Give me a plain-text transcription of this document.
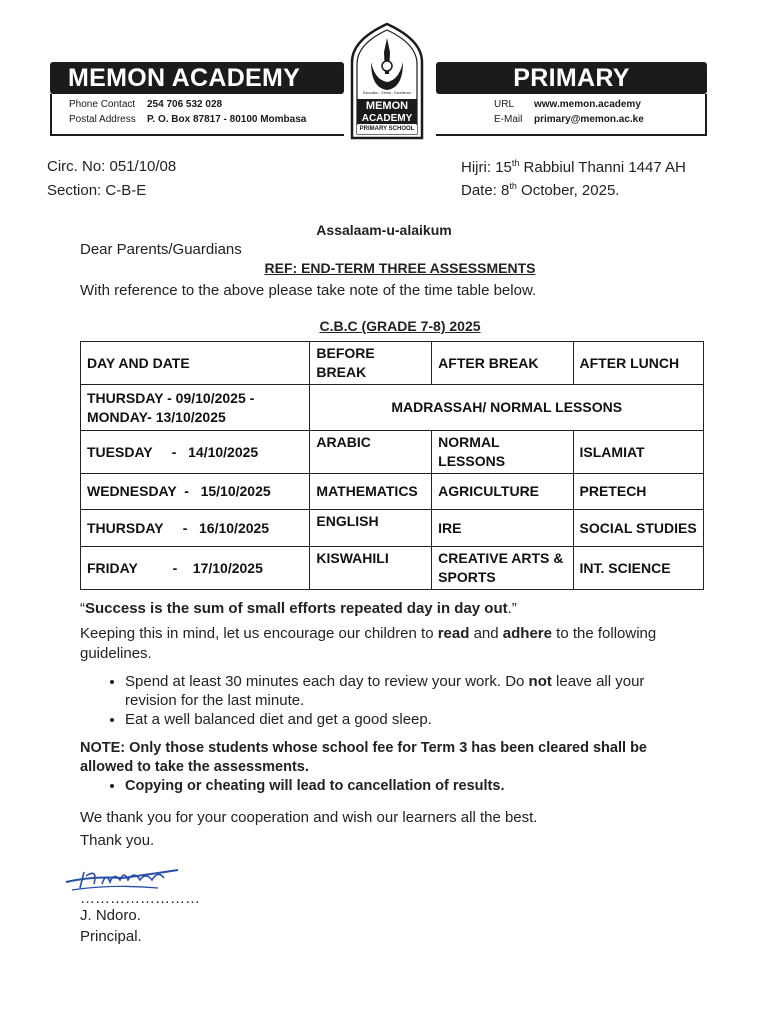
MEMON ACADEMY	PRIMARY
Phone Contact 254 706 532 028
Postal Address P. O. Box 87817 - 80100 Mombasa
URL www.memon.academy
E-Mail primary@memon.ac.ke
Education - Ethics - Excellence
MEMON
ACADEMY
PRIMARY SCHOOL
Circ. No: 051/10/08
Section: C-B-E
Hijri: 15th Rabbiul Thanni 1447 AH
Date: 8th October, 2025.
Assalaam-u-alaikum
Dear Parents/Guardians
REF: END-TERM THREE ASSESSMENTS
With reference to the above please take note of the time table below.
C.B.C (GRADE 7-8) 2025
DAY AND DATE	BEFORE BREAK	AFTER BREAK	AFTER LUNCH
THURSDAY - 09/10/2025 - MONDAY- 13/10/2025	MADRASSAH/ NORMAL LESSONS		
TUESDAY     -   14/10/2025	ARABIC	NORMAL LESSONS	ISLAMIAT
WEDNESDAY  -   15/10/2025	MATHEMATICS	AGRICULTURE	PRETECH
THURSDAY     -   16/10/2025	ENGLISH	IRE	SOCIAL STUDIES
FRIDAY         -    17/10/2025	KISWAHILI	CREATIVE ARTS & SPORTS	INT. SCIENCE
“Success is the sum of small efforts repeated day in day out.”
Keeping this in mind, let us encourage our children to read and adhere to the following
guidelines.
• Spend at least 30 minutes each day to review your work. Do not leave all your
revision for the last minute.
• Eat a well balanced diet and get a good sleep.
NOTE: Only those students whose school fee for Term 3 has been cleared shall be
allowed to take the assessments.
• Copying or cheating will lead to cancellation of results.
We thank you for your cooperation and wish our learners all the best.
Thank you.
……………………
J. Ndoro.
Principal.
